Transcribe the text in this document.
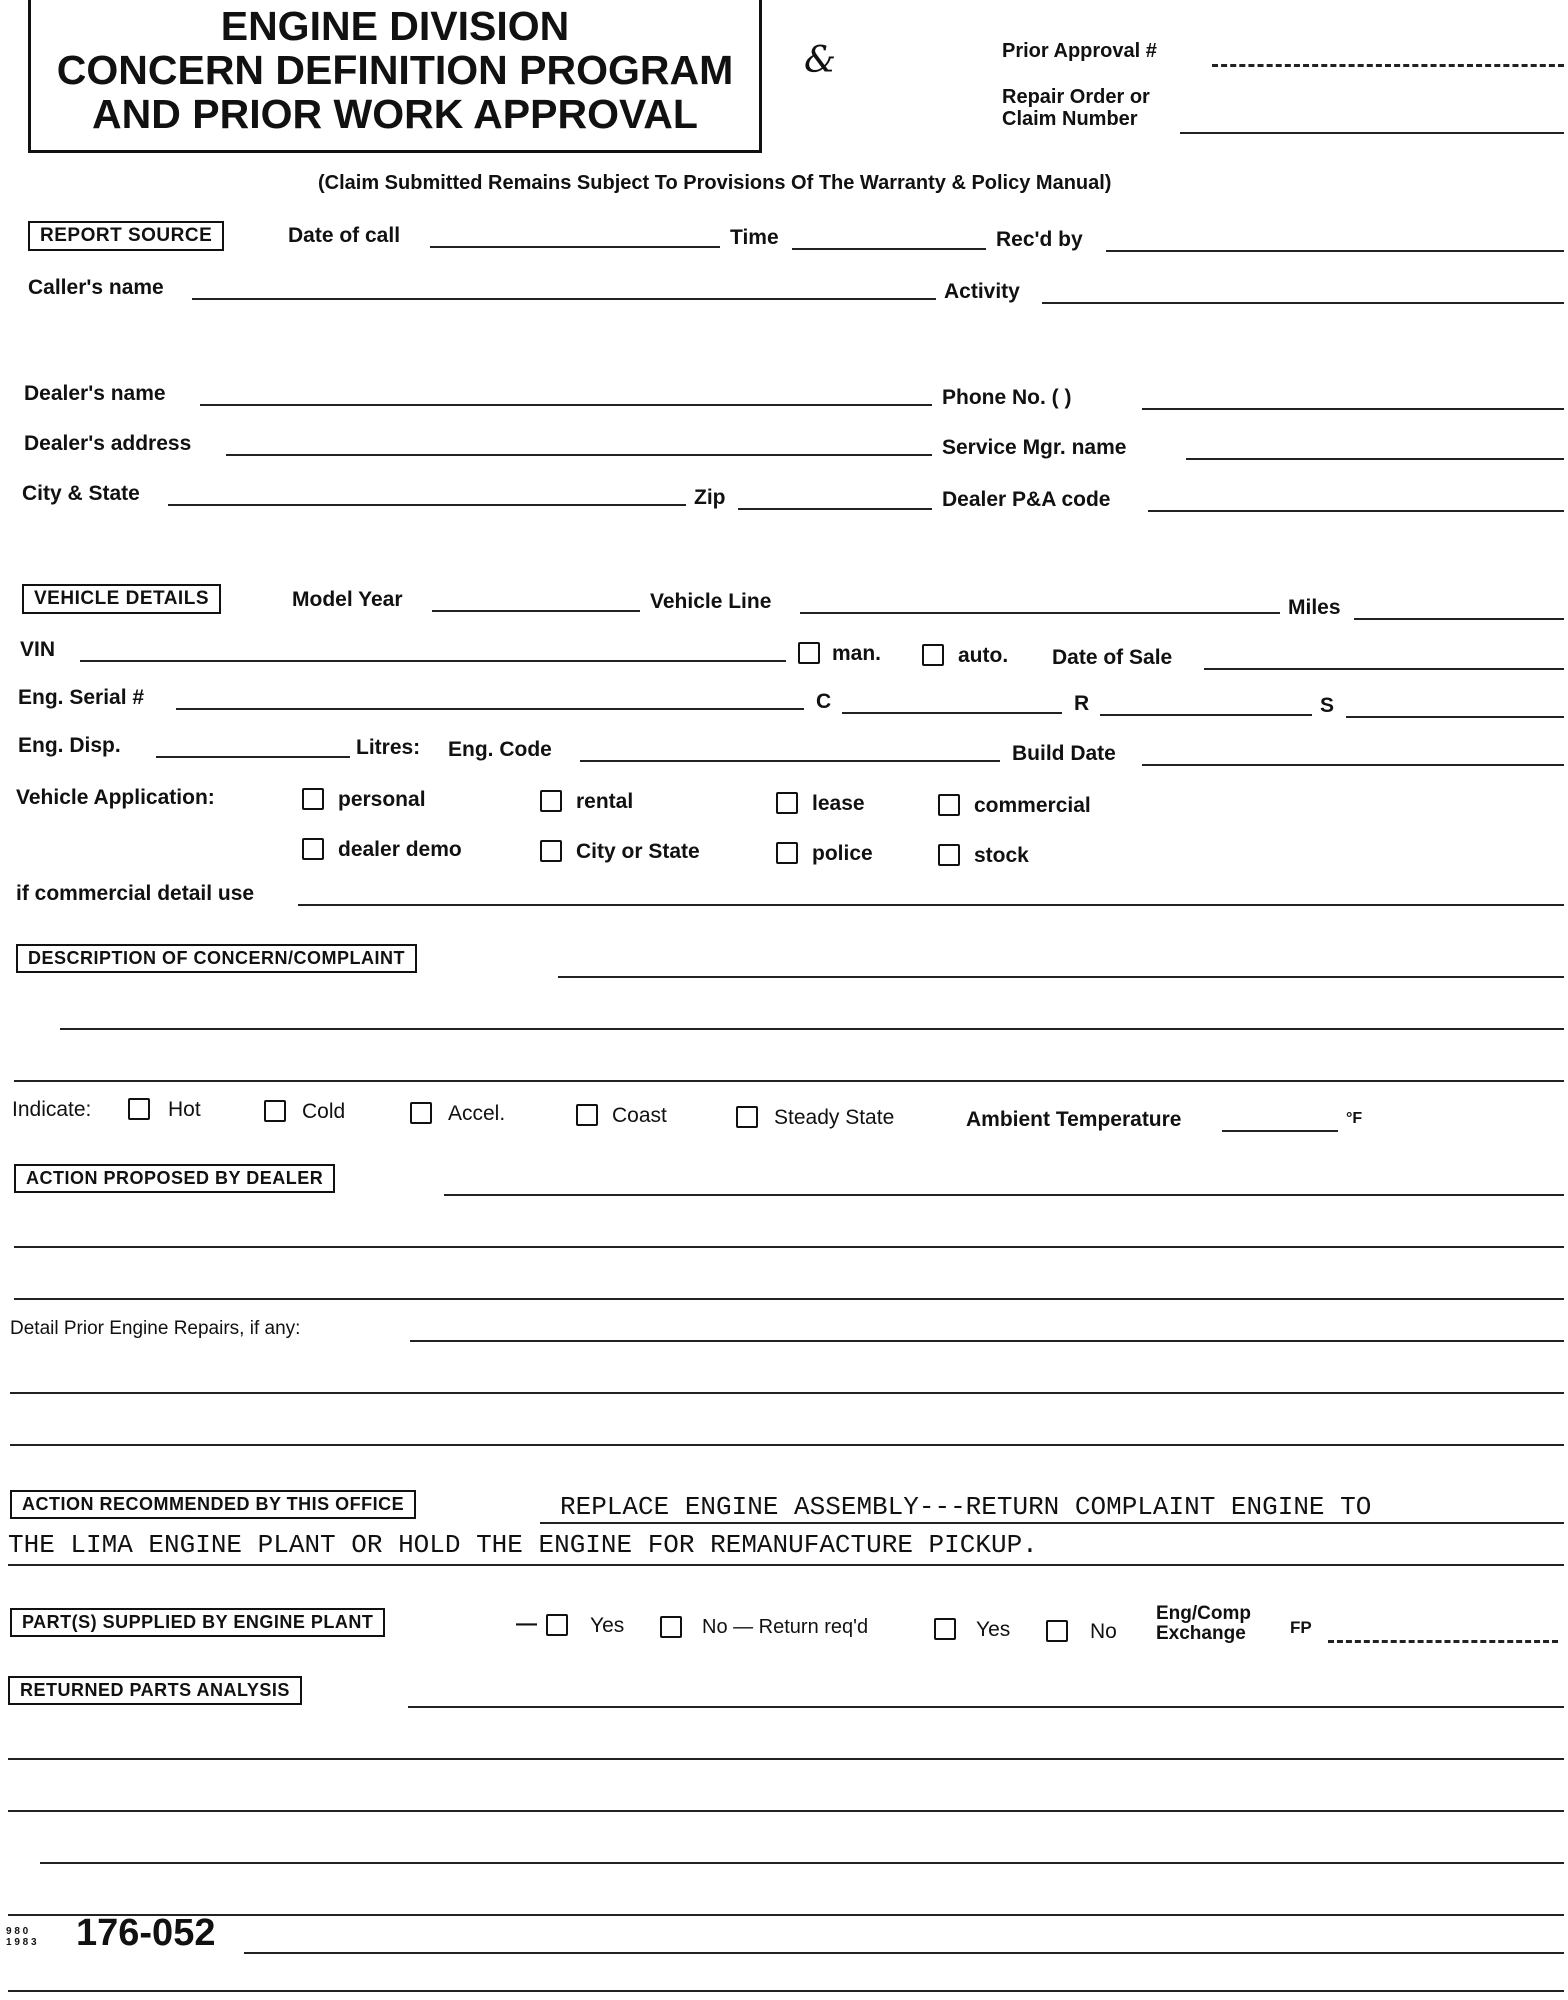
ENGINE DIVISION
CONCERN DEFINITION PROGRAM
AND PRIOR WORK APPROVAL
&	Prior Approval #
Repair Order or
Claim Number
(Claim Submitted Remains Subject To Provisions Of The Warranty & Policy Manual)
REPORT SOURCE	Date of call	Time	Rec'd by
Caller's name	Activity
Dealer's name	Phone No. ( )
Dealer's address	Service Mgr. name
City & State	Zip	Dealer P&A code
VEHICLE DETAILS	Model Year	Vehicle Line	Miles
VIN	man.	auto. Date of Sale
Eng. Serial #	C	R	S
Eng. Disp.	Litres: Eng. Code	Build Date
Vehicle Application:	personal	rental	lease	commercial
dealer demo	City or State	police	stock
if commercial detail use
DESCRIPTION OF CONCERN/COMPLAINT
Indicate:	Hot	Cold	Accel.	Coast	Steady State	Ambient Temperature	°F
ACTION PROPOSED BY DEALER
Detail Prior Engine Repairs, if any:
ACTION RECOMMENDED BY THIS OFFICE	REPLACE ENGINE ASSEMBLY---RETURN COMPLAINT ENGINE TO
THE LIMA ENGINE PLANT OR HOLD THE ENGINE FOR REMANUFACTURE PICKUP.
PART(S) SUPPLIED BY ENGINE PLANT	—	Yes	No — Return req'd	Yes	No
Eng/Comp
Exchange	FP
RETURNED PARTS ANALYSIS
9 8 0
1 9 8 3 176-052
